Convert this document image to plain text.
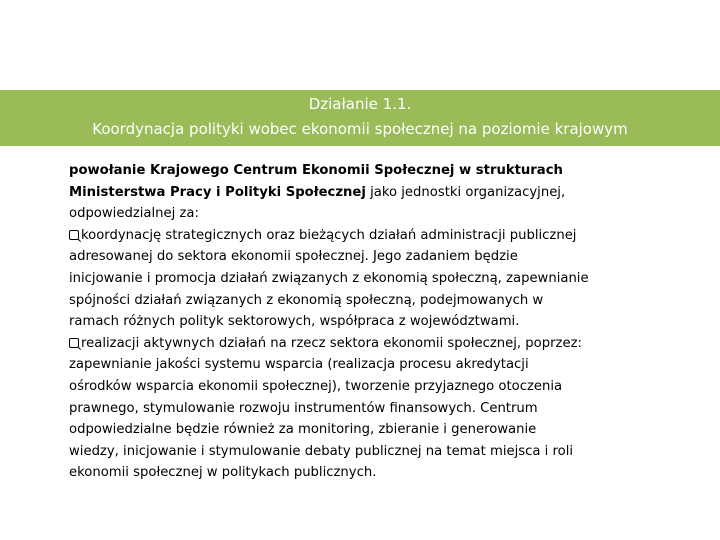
Działanie 1.1.
Koordynacja polityki wobec ekonomii społecznej na poziomie krajowym
powołanie Krajowego Centrum Ekonomii Społecznej w strukturach
Ministerstwa Pracy i Polityki Społecznej jako jednostki organizacyjnej,
odpowiedzialnej za:
koordynację strategicznych oraz bieżących działań administracji publicznej
adresowanej do sektora ekonomii społecznej. Jego zadaniem będzie
inicjowanie i promocja działań związanych z ekonomią społeczną, zapewnianie
spójności działań związanych z ekonomią społeczną, podejmowanych w
ramach różnych polityk sektorowych, współpraca z województwami.
realizacji aktywnych działań na rzecz sektora ekonomii społecznej, poprzez:
zapewnianie jakości systemu wsparcia (realizacja procesu akredytacji
ośrodków wsparcia ekonomii społecznej), tworzenie przyjaznego otoczenia
prawnego, stymulowanie rozwoju instrumentów finansowych. Centrum
odpowiedzialne będzie również za monitoring, zbieranie i generowanie
wiedzy, inicjowanie i stymulowanie debaty publicznej na temat miejsca i roli
ekonomii społecznej w politykach publicznych.
